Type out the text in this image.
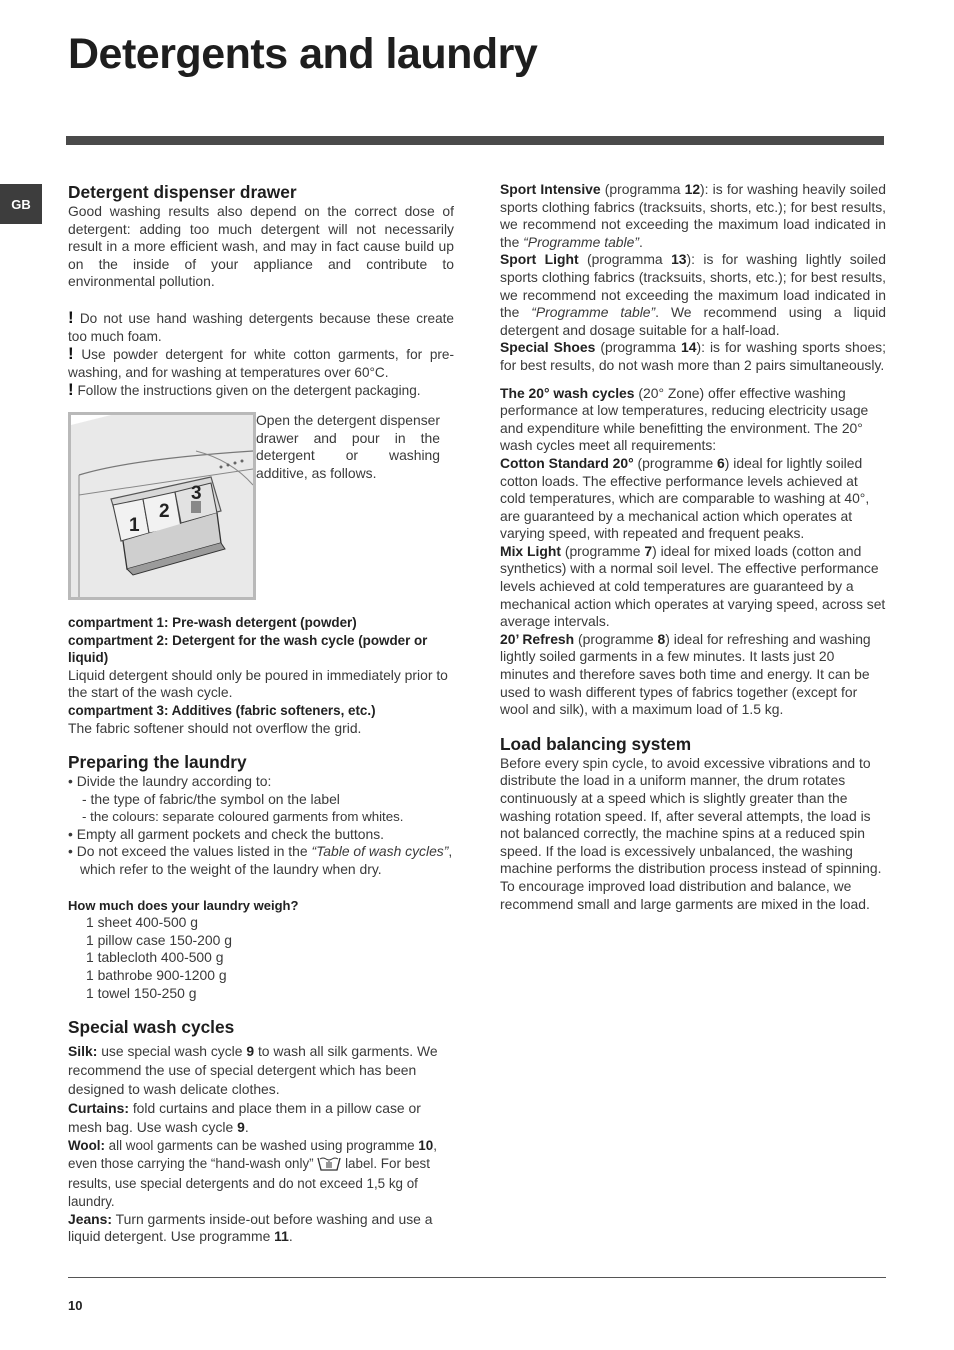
Detergents and laundry
GB
Detergent dispenser drawer

Good washing results also depend on the correct dose of detergent: adding too much detergent will not necessarily result in a more efficient wash, and may in fact cause build up on the inside of your appliance and contribute to environmental pollution.

! Do not use hand washing detergents because these create too much foam.

! Use powder detergent for white cotton garments, for pre-washing, and for washing at temperatures over 60°C.

! Follow the instructions given on the detergent packaging.

1
2
3

Open the detergent dispenser drawer and pour in the detergent or washing additive, as follows.

compartment 1: Pre-wash detergent (powder)

compartment 2: Detergent for the wash cycle (powder or liquid)

Liquid detergent should only be poured in immediately prior to the start of the wash cycle.

compartment 3: Additives (fabric softeners, etc.)

The fabric softener should not overflow the grid.

Preparing the laundry

• Divide the laundry according to:

- the type of fabric/the symbol on the label

- the colours: separate coloured garments from whites.

• Empty all garment pockets and check the buttons.

• Do not exceed the values listed in the “Table of wash cycles”, which refer to the weight of the laundry when dry.

How much does your laundry weigh?

1 sheet 400-500 g

1 pillow case 150-200 g

1 tablecloth 400-500 g

1 bathrobe 900-1200 g

1 towel 150-250 g

Special wash cycles

Silk: use special wash cycle 9 to wash all silk garments. We recommend the use of special detergent which has been designed to wash delicate clothes.

Curtains: fold curtains and place them in a pillow case or mesh bag. Use wash cycle 9.

Wool: all wool garments can be washed using programme 10, even those carrying the “hand-wash only”  label. For best results, use special detergents and do not exceed 1,5 kg of laundry.

Jeans: Turn garments inside-out before washing and use a liquid detergent. Use programme 11.

Sport Intensive (programma 12): is for washing heavily soiled sports clothing fabrics (tracksuits, shorts, etc.); for best results, we recommend not exceeding the maximum load indicated in the “Programme table”.

Sport Light (programma 13): is for washing lightly soiled sports clothing fabrics (tracksuits, shorts, etc.); for best results, we recommend not exceeding the maximum load indicated in the “Programme table”. We recommend using a liquid detergent and dosage suitable for a half-load.

Special Shoes (programma 14): is for washing sports shoes; for best results, do not wash more than 2 pairs simultaneously.

The 20° wash cycles (20° Zone) offer effective washing performance at low temperatures, reducing electricity usage and expenditure while benefitting the environment. The 20° wash cycles meet all requirements:

Cotton Standard 20° (programme 6) ideal for lightly soiled cotton loads. The effective performance levels achieved at cold temperatures, which are comparable to washing at 40°, are guaranteed by a mechanical action which operates at varying speed, with repeated and frequent peaks.

Mix Light (programme 7) ideal for mixed loads (cotton and synthetics) with a normal soil level. The effective performance levels achieved at cold temperatures are guaranteed by a mechanical action which operates at varying speed, across set average intervals.

20’ Refresh (programme 8) ideal for refreshing and washing lightly soiled garments in a few minutes. It lasts just 20 minutes and therefore saves both time and energy. It can be used to wash different types of fabrics together (except for wool and silk), with a maximum load of 1.5 kg.

Load balancing system

Before every spin cycle, to avoid excessive vibrations and to distribute the load in a uniform manner, the drum rotates continuously at a speed which is slightly greater than the washing rotation speed. If, after several attempts, the load is not balanced correctly, the machine spins at a reduced spin speed. If the load is excessively unbalanced, the washing machine performs the distribution process instead of spinning. To encourage improved load distribution and balance, we recommend small and large garments are mixed in the load.

10
